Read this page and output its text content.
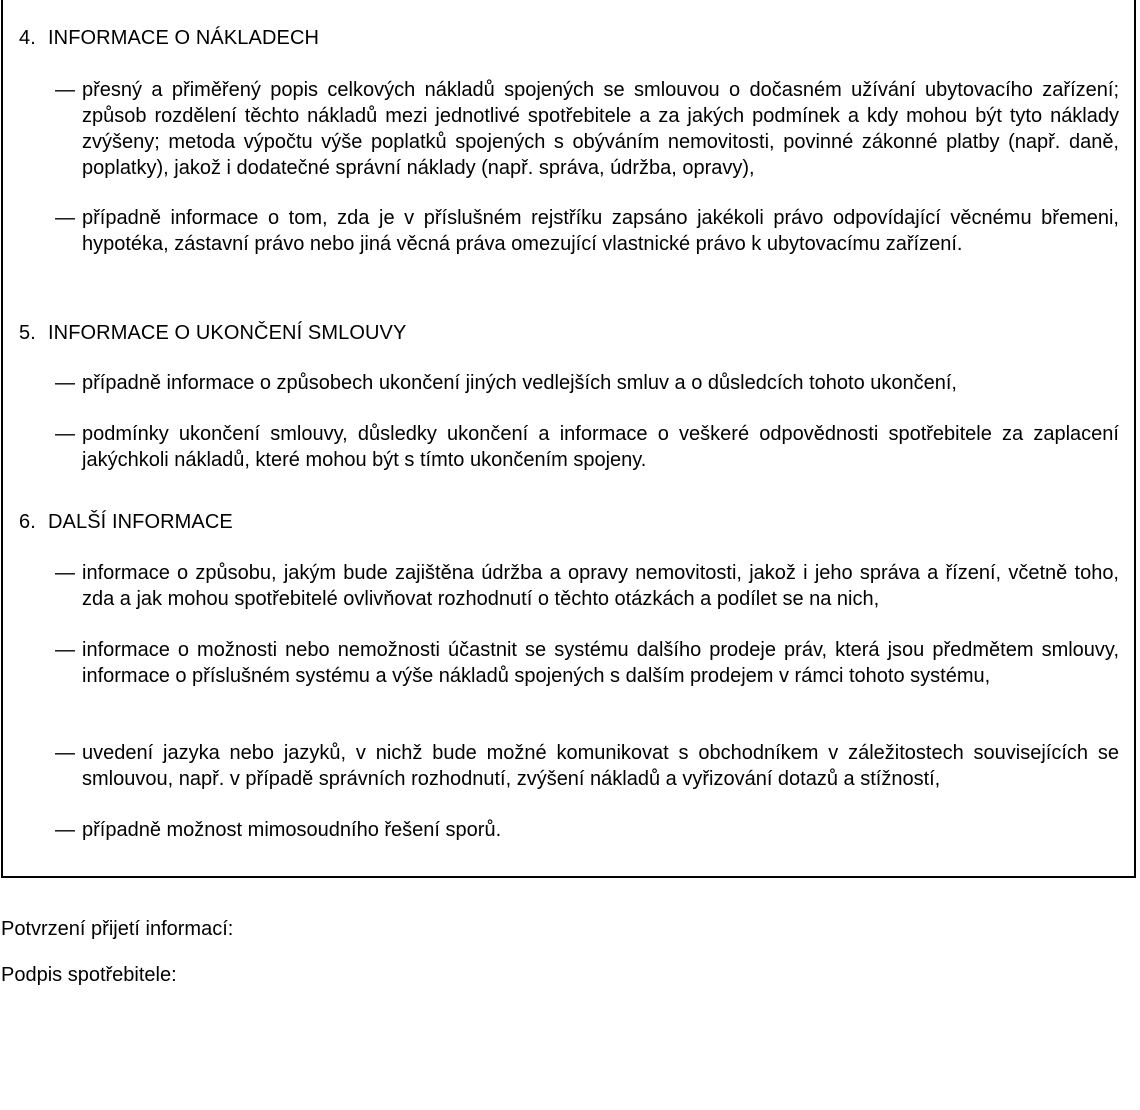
4. INFORMACE O NÁKLADECH
— přesný a přiměřený popis celkových nákladů spojených se smlouvou o dočasném užívání ubytovacího zařízení; způsob rozdělení těchto nákladů mezi jednotlivé spotřebitele a za jakých podmínek a kdy mohou být tyto náklady zvýšeny; metoda výpočtu výše poplatků spojených s obýváním nemovitosti, povinné zákonné platby (např. daně, poplatky), jakož i dodatečné správní náklady (např. správa, údržba, opravy),
— případně informace o tom, zda je v příslušném rejstříku zapsáno jakékoli právo odpovídající věcnému břemeni, hypotéka, zástavní právo nebo jiná věcná práva omezující vlastnické právo k ubytovacímu zařízení.
5. INFORMACE O UKONČENÍ SMLOUVY
— případně informace o způsobech ukončení jiných vedlejších smluv a o důsledcích tohoto ukončení,
— podmínky ukončení smlouvy, důsledky ukončení a informace o veškeré odpovědnosti spotřebitele za zaplacení jakýchkoli nákladů, které mohou být s tímto ukončením spojeny.
6. DALŠÍ INFORMACE
— informace o způsobu, jakým bude zajištěna údržba a opravy nemovitosti, jakož i jeho správa a řízení, včetně toho, zda a jak mohou spotřebitelé ovlivňovat rozhodnutí o těchto otázkách a podílet se na nich,
— informace o možnosti nebo nemožnosti účastnit se systému dalšího prodeje práv, která jsou předmětem smlouvy, informace o příslušném systému a výše nákladů spojených s dalším prodejem v rámci tohoto systému,
— uvedení jazyka nebo jazyků, v nichž bude možné komunikovat s obchodníkem v záležitostech souvisejících se smlouvou, např. v případě správních rozhodnutí, zvýšení nákladů a vyřizování dotazů a stížností,
— případně možnost mimosoudního řešení sporů.
Potvrzení přijetí informací:
Podpis spotřebitele:
